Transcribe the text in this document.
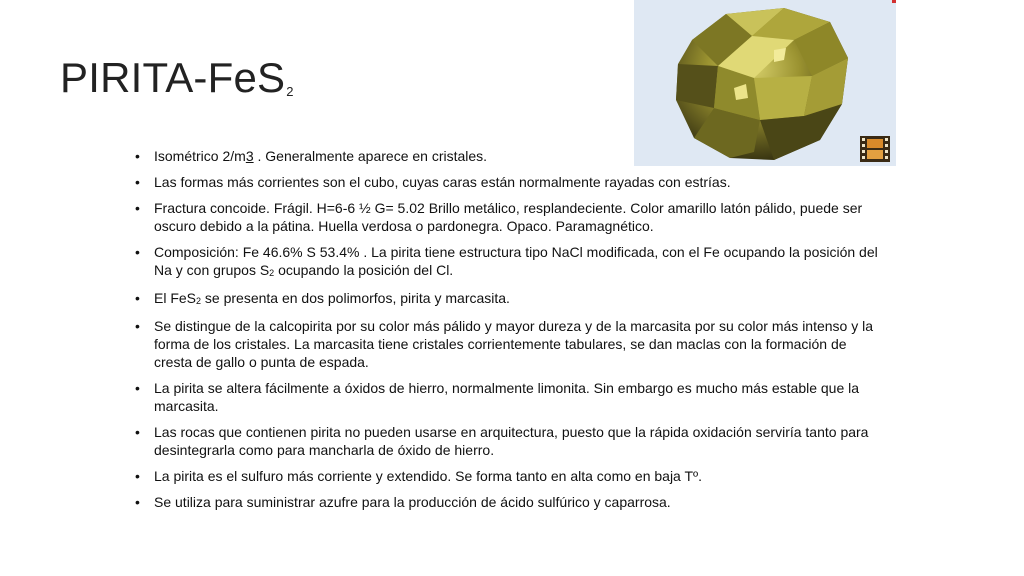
PIRITA-FeS2
• Isométrico 2/m3 . Generalmente aparece en cristales.
• Las formas más corrientes son el cubo, cuyas caras están normalmente rayadas con estrías.
• Fractura concoide. Frágil. H=6-6 ½ G= 5.02 Brillo metálico, resplandeciente. Color amarillo latón pálido, puede ser oscuro debido a la pátina. Huella verdosa o pardonegra. Opaco. Paramagnético.
• Composición: Fe 46.6% S 53.4% . La pirita tiene estructura tipo NaCl modificada, con el Fe ocupando la posición del Na y con grupos S2 ocupando la posición del Cl.
• El FeS2 se presenta en dos polimorfos, pirita y marcasita.
• Se distingue de la calcopirita por su color más pálido y mayor dureza y de la marcasita por su color más intenso y la forma de los cristales. La marcasita tiene cristales corrientemente tabulares, se dan maclas con la formación de cresta de gallo o punta de espada.
• La pirita se altera fácilmente a óxidos de hierro, normalmente limonita. Sin embargo es mucho más estable que la marcasita.
• Las rocas que contienen pirita no pueden usarse en arquitectura, puesto que la rápida oxidación serviría tanto para desintegrarla como para mancharla de óxido de hierro.
• La pirita es el sulfuro más corriente y extendido. Se forma tanto en alta como en baja Tº.
• Se utiliza para suministrar azufre para la producción de ácido sulfúrico y caparrosa.
